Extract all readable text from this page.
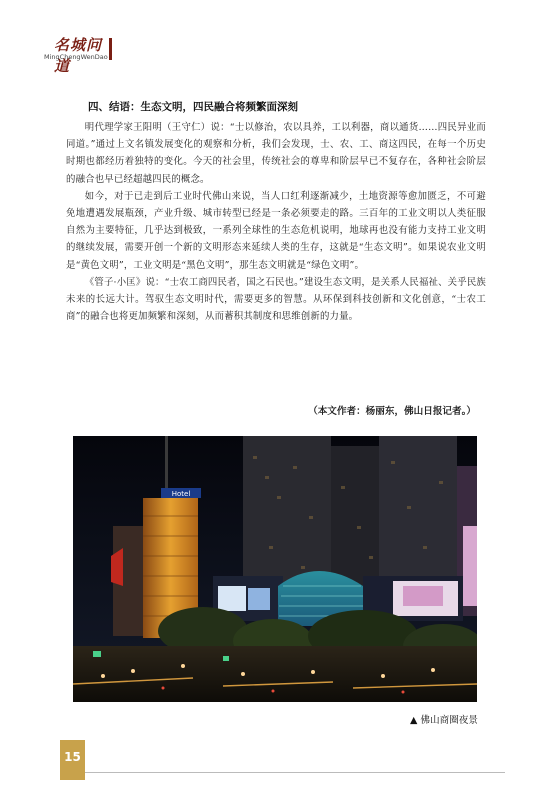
名城问道
MingChengWenDao
四、结语：生态文明，四民融合将频繁面深刻

明代理学家王阳明（王守仁）说：“士以修治，农以具养，工以利器，商以通货……四民异业而同道。”通过上文名镇发展变化的观察和分析，我们会发现，士、农、工、商这四民，在每一个历史时期也都经历着独特的变化。今天的社会里，传统社会的尊卑和阶层早已不复存在，各种社会阶层的融合也早已经超越四民的概念。

如今，对于已走到后工业时代佛山来说，当人口红利逐渐减少，土地资源等愈加匮乏，不可避免地遭遇发展瓶颈，产业升级、城市转型已经是一条必须要走的路。三百年的工业文明以人类征服自然为主要特征，几乎达到极致，一系列全球性的生态危机说明，地球再也没有能力支持工业文明的继续发展，需要开创一个新的文明形态来延续人类的生存，这就是“生态文明”。如果说农业文明是“黄色文明”，工业文明是“黑色文明”，那生态文明就是“绿色文明”。

《管子·小匡》说：“士农工商四民者，国之石民也。”建设生态文明，是关系人民福祉、关乎民族未来的长远大计。驾驭生态文明时代，需要更多的智慧。从环保到科技创新和文化创意，“士农工商”的融合也将更加频繁和深刻，从而蓄积其制度和思维创新的力量。

（本文作者：杨丽东，佛山日报记者。）
Hotel
▲ 佛山商圈夜景
15
